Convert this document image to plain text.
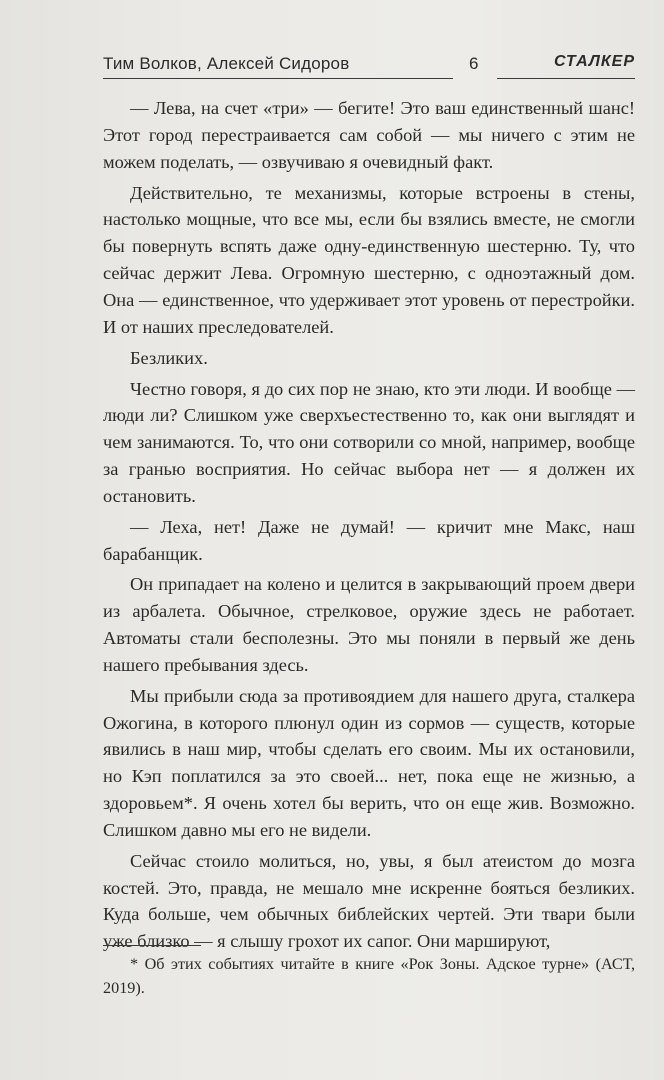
Тим Волков, Алексей Сидоров	6	СТАЛКЕР

— Лева, на счет «три» — бегите! Это ваш единственный шанс! Этот город перестраивается сам собой — мы ничего с этим не можем поделать, — озвучиваю я очевидный факт.

Действительно, те механизмы, которые встроены в стены, настолько мощные, что все мы, если бы взялись вместе, не смогли бы повернуть вспять даже одну-единственную шестерню. Ту, что сейчас держит Лева. Огромную шестерню, с одноэтажный дом. Она — единственное, что удерживает этот уровень от перестройки. И от наших преследователей.

Безликих.

Честно говоря, я до сих пор не знаю, кто эти люди. И вообще — люди ли? Слишком уже сверхъестественно то, как они выглядят и чем занимаются. То, что они сотворили со мной, например, вообще за гранью восприятия. Но сейчас выбора нет — я должен их остановить.

— Леха, нет! Даже не думай! — кричит мне Макс, наш барабанщик.

Он припадает на колено и целится в закрывающий проем двери из арбалета. Обычное, стрелковое, оружие здесь не работает. Автоматы стали бесполезны. Это мы поняли в первый же день нашего пребывания здесь.

Мы прибыли сюда за противоядием для нашего друга, сталкера Ожогина, в которого плюнул один из сормов — существ, которые явились в наш мир, чтобы сделать его своим. Мы их остановили, но Кэп поплатился за это своей... нет, пока еще не жизнью, а здоровьем*. Я очень хотел бы верить, что он еще жив. Возможно. Слишком давно мы его не видели.

Сейчас стоило молиться, но, увы, я был атеистом до мозга костей. Это, правда, не мешало мне искренне бояться безликих. Куда больше, чем обычных библейских чертей. Эти твари были уже близко — я слышу грохот их сапог. Они маршируют,

* Об этих событиях читайте в книге «Рок Зоны. Адское турне» (АСТ, 2019).
